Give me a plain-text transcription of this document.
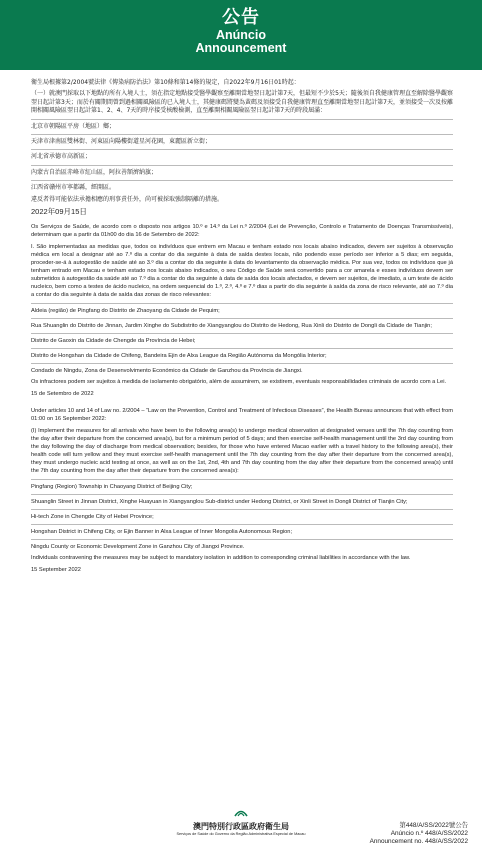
公告
Anúncio
Announcement

衛生局根據第2/2004號法律《傳染病防治法》第10條和第14條的規定，自2022年9月16日01時起：

（一）就澳門採取以下地點的所有入境人士，須在指定地點接受醫學觀察至離開當地翌日起計第7天，但最短不少於5天；隨後須自我健康管理直至解除醫學觀察翌日起計第3天；而於有關期間曾到過相關風險區的已入境人士，其健康碼將變為黃碼及須接受自我健康管理直至離開當地翌日起計第7天，並須接受一次及按離開相關風險區翌日起計第1、2、4、7天的時序接受核酸檢測，直至離開相關風險區翌日起計第7天的時段屆滿：

北京市朝陽區平房（地區）鄉；

天津市津南區雙林街、河東區向陽樓街道星河花園，東麗區新立街；

河北省承德市高新區；

內蒙古自治區赤峰市紅山區，阿拉善額濟納旗；

江西省贛州市寧都縣，經開區。

違反者得可能依法承擔相應的刑事責任外，尚可被採取強制隔離的措施。

2022年09月15日

Os Serviços de Saúde, de acordo com o disposto nos artigos 10.º e 14.º da Lei n.º 2/2004 (Lei de Prevenção, Controlo e Tratamento de Doenças Transmissíveis), determinam que a partir da 01h00 do dia 16 de Setembro de 2022:

I. São implementadas as medidas que, todos os indivíduos que entrem em Macau e tenham estado nos locais abaixo indicados, devem ser sujeitos à observação médica em local a designar até ao 7.º dia a contar do dia seguinte à data de saída destes locais, não podendo esse período ser inferior a 5 dias; em seguida, proceder-se-á à autogestão de saúde até ao 3.º dia a contar do dia seguinte à data do levantamento da observação médica. Por sua vez, todos os indivíduos que já tenham entrado em Macau e tenham estado nos locais abaixo indicados, o seu Código de Saúde será convertido para a cor amarela e esses indivíduos devem ser submetidos à autogestão da saúde até ao 7.º dia a contar do dia seguinte à data de saída dos locais afectados, e devem ser sujeitos, de imediato, a um teste de ácido nucleico, bem como a testes de ácido nucleico, na ordem sequencial do 1.º, 2.º, 4.º e 7.º dias a partir do dia seguinte à saída da zona de risco relevante, até ao 7.º dia a contar do dia seguinte à data de saída das zonas de risco relevantes:

Aldeia (região) de Pingfang do Distrito de Zhaoyang da Cidade de Pequim;

Rua Shuanglin do Distrito de Jinnan, Jardim Xinghe do Subdistrito de Xiangyanglou do Distrito de Hedong, Rua Xinli do Distrito de Dongli da Cidade de Tianjin;

Distrito de Gaoxin da Cidade de Chengde da Província de Hebei;

Distrito de Hongshan da Cidade de Chifeng, Bandeira Ejin de Alxa League da Região Autónoma da Mongólia Interior;

Condado de Ningdu, Zona de Desenvolvimento Económico da Cidade de Ganzhou da Província de Jiangxi.

Os infractores podem ser sujeitos à medida de isolamento obrigatório, além de assumirem, se existirem, eventuais responsabilidades criminais de acordo com a Lei.

15 de Setembro de 2022

Under articles 10 and 14 of Law no. 2/2004 – “Law on the Prevention, Control and Treatment of Infectious Diseases”, the Health Bureau announces that with effect from 01:00 on 16 September 2022:

(I) Implement the measures for all arrivals who have been to the following area(s) to undergo medical observation at designated venues until the 7th day counting from the day after their departure from the concerned area(s), but for a minimum period of 5 days; and then exercise self-health management until the 3rd day counting from the day following the day of discharge from medical observation; besides, for those who have entered Macao earlier with a travel history to the following area(s), their health code will turn yellow and they must exercise self-health management until the 7th day counting from the day after their departure from the concerned area(s), they must undergo nucleic acid testing at once, as well as on the 1st, 2nd, 4th and 7th day counting from the day after their departure from the concerned area(s) until the 7th day counting from the day after their departure from the concerned area(s):

Pingfang (Region) Township in Chaoyang District of Beijing City;

Shuanglin Street in Jinnan District, Xinghe Huayuan in Xiangyanglou Sub-district under Hedong District, or Xinli Street in Dongli District of Tianjin City;

Hi-tech Zone in Chengde City of Hebei Province;

Hongshan District in Chifeng City, or Ejin Banner in Alxa League of Inner Mongolia Autonomous Region;

Ningdu County or Economic Development Zone in Ganzhou City of Jiangxi Province.

Individuals contravening the measures may be subject to mandatory isolation in addition to corresponding criminal liabilities in accordance with the law.

15 September 2022
澳門特別行政區政府衛生局
Serviços de Saúde do Governo da Região Administrativa Especial de Macau
第448/A/SS/2022號公告
Anúncio n.º 448/A/SS/2022
Announcement no. 448/A/SS/2022
